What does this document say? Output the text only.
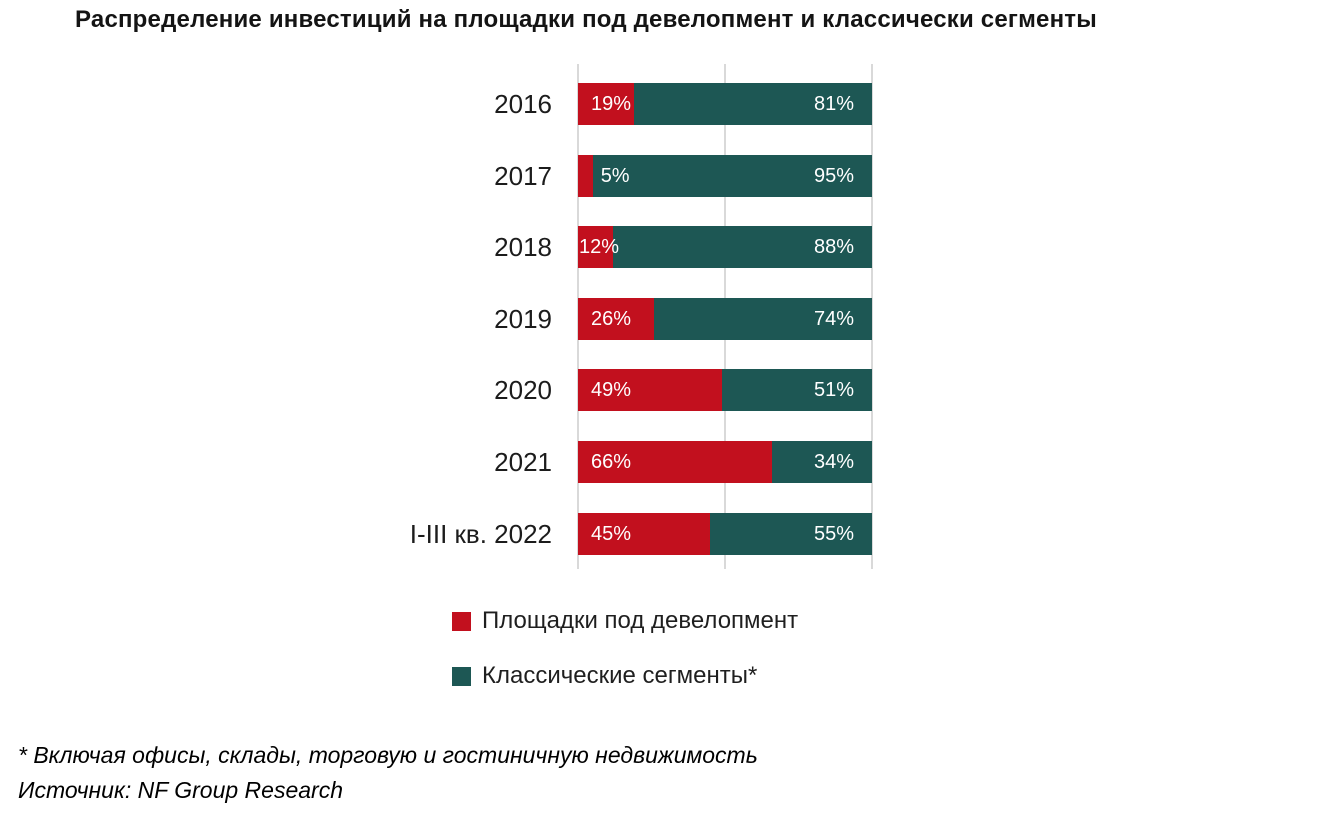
Распределение инвестиций на площадки под девелопмент и классически сегменты
2016 19%	81%
2017 5%	95%
2018 12%	88%
2019 26%	74%
2020 49%	51%
2021 66%	34%
I-III кв. 2022 45%	55%
Площадки под девелопмент
Классические сегменты*
* Включая офисы, склады, торговую и гостиничную недвижимость
Источник: NF Group Research
